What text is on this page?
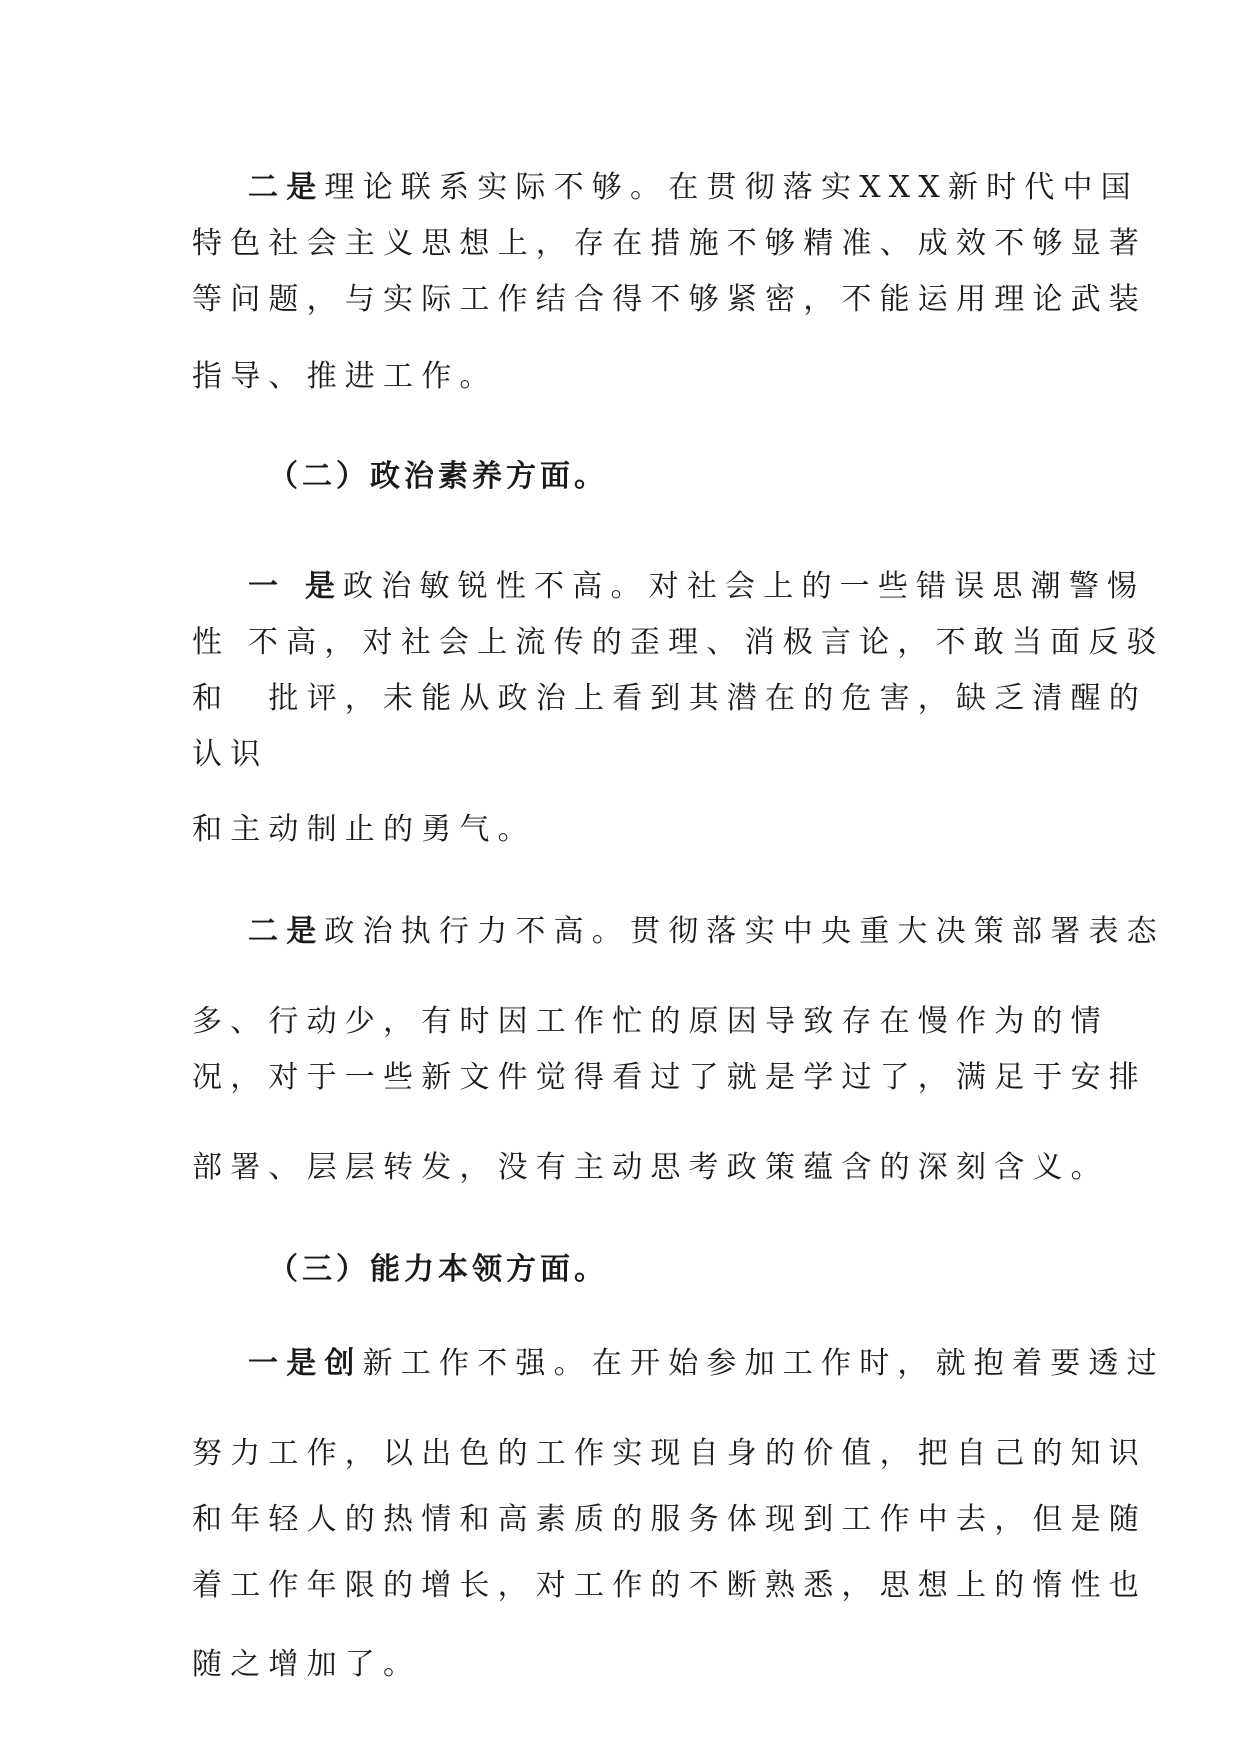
二是理论联系实际不够。在贯彻落实XXX新时代中国
特色社会主义思想上，存在措施不够精准、成效不够显著
等问题，与实际工作结合得不够紧密，不能运用理论武装
指导、推进工作。
（二）政治素养方面。
一 是政治敏锐性不高。对社会上的一些错误思潮警惕
性 不高，对社会上流传的歪理、消极言论，不敢当面反驳
和　批评，未能从政治上看到其潜在的危害，缺乏清醒的
认识
和主动制止的勇气。
二是政治执行力不高。贯彻落实中央重大决策部署表态
多、行动少，有时因工作忙的原因导致存在慢作为的情
况，对于一些新文件觉得看过了就是学过了，满足于安排
部署、层层转发，没有主动思考政策蕴含的深刻含义。
（三）能力本领方面。
一是创新工作不强。在开始参加工作时，就抱着要透过
努力工作，以出色的工作实现自身的价值，把自己的知识
和年轻人的热情和高素质的服务体现到工作中去，但是随
着工作年限的增长，对工作的不断熟悉，思想上的惰性也
随之增加了。
